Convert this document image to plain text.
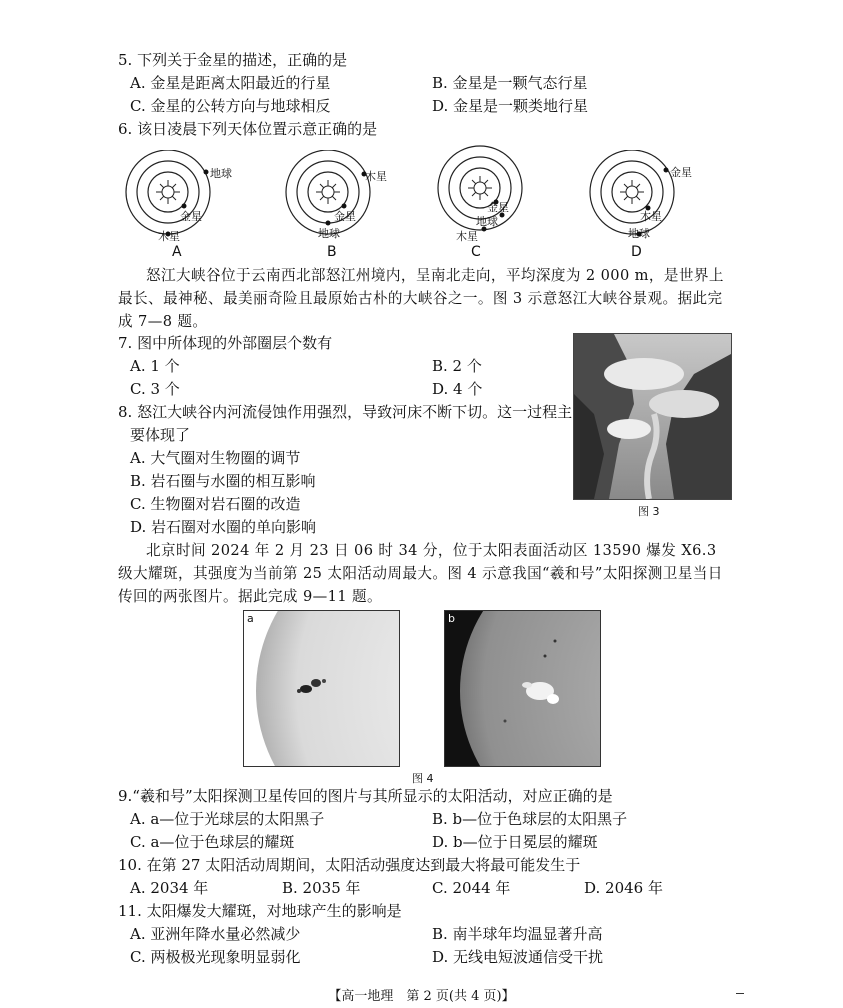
5. 下列关于金星的描述，正确的是
A. 金星是距离太阳最近的行星	B. 金星是一颗气态行星
C. 金星的公转方向与地球相反	D. 金星是一颗类地行星
6. 该日凌晨下列天体位置示意正确的是
地球
金星
木星
A
木星
金星
地球
B
金星
地球
木星
C
金星
木星
地球
D
怒江大峡谷位于云南西北部怒江州境内，呈南北走向，平均深度为 2 000 m，是世界上最长、最神秘、最美丽奇险且最原始古朴的大峡谷之一。图 3 示意怒江大峡谷景观。据此完成 7—8 题。
7. 图中所体现的外部圈层个数有
A. 1 个	B. 2 个
C. 3 个	D. 4 个
8. 怒江大峡谷内河流侵蚀作用强烈，导致河床不断下切。这一过程主
要体现了
A. 大气圈对生物圈的调节
B. 岩石圈与水圈的相互影响
C. 生物圈对岩石圈的改造
D. 岩石圈对水圈的单向影响
图 3
北京时间 2024 年 2 月 23 日 06 时 34 分，位于太阳表面活动区 13590 爆发 X6.3 级大耀斑，其强度为当前第 25 太阳活动周最大。图 4 示意我国“羲和号”太阳探测卫星当日传回的两张图片。据此完成 9—11 题。
a	b
图 4
9.“羲和号”太阳探测卫星传回的图片与其所显示的太阳活动，对应正确的是
A. a—位于光球层的太阳黑子	B. b—位于色球层的太阳黑子
C. a—位于色球层的耀斑	D. b—位于日冕层的耀斑
10. 在第 27 太阳活动周期间，太阳活动强度达到最大将最可能发生于
A. 2034 年	B. 2035 年	C. 2044 年	D. 2046 年
11. 太阳爆发大耀斑，对地球产生的影响是
A. 亚洲年降水量必然减少	B. 南半球年均温显著升高
C. 两极极光现象明显弱化	D. 无线电短波通信受干扰
【高一地理　第 2 页(共 4 页)】
